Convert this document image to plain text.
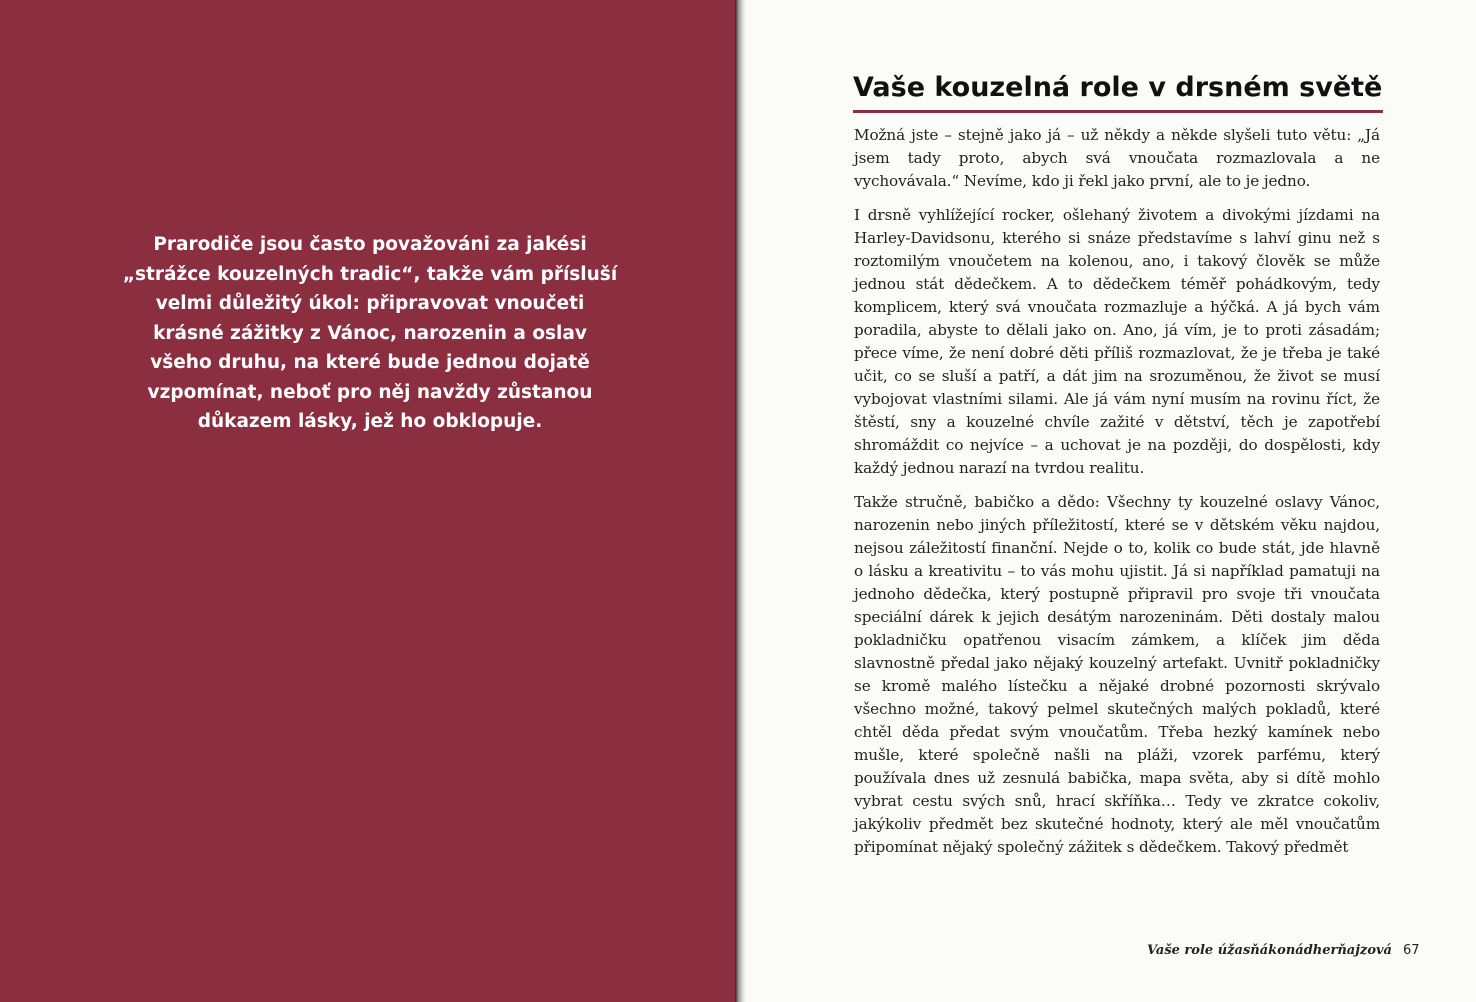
Prarodiče jsou často považováni za jakési „strážce kouzelných tradic“, takže vám přísluší velmi důležitý úkol: připravovat vnoučeti krásné zážitky z Vánoc, narozenin a oslav všeho druhu, na které bude jednou dojatě vzpomínat, neboť pro něj navždy zůstanou důkazem lásky, jež ho obklopuje.

Vaše kouzelná role v drsném světě

Možná jste – stejně jako já – už někdy a někde slyšeli tuto větu: „Já jsem tady proto, abych svá vnoučata rozmazlovala a ne vychovávala.“ Nevíme, kdo ji řekl jako první, ale to je jedno.

I drsně vyhlížející rocker, ošlehaný životem a divokými jízdami na Harley-Davidsonu, kterého si snáze představíme s lahví ginu než s roztomilým vnoučetem na kolenou, ano, i takový člověk se může jednou stát dědečkem. A to dědečkem téměř pohádkovým, tedy komplicem, který svá vnoučata rozmazluje a hýčká. A já bych vám poradila, abyste to dělali jako on. Ano, já vím, je to proti zásadám; přece víme, že není dobré děti příliš rozmazlovat, že je třeba je také učit, co se sluší a patří, a dát jim na srozuměnou, že život se musí vybojovat vlastními silami. Ale já vám nyní musím na rovinu říct, že štěstí, sny a kouzelné chvíle zažité v dětství, těch je zapotřebí shromáždit co nejvíce – a uchovat je na později, do dospělosti, kdy každý jednou narazí na tvrdou realitu.

Takže stručně, babičko a dědo: Všechny ty kouzelné oslavy Vánoc, narozenin nebo jiných příležitostí, které se v dětském věku najdou, nejsou záležitostí finanční. Nejde o to, kolik co bude stát, jde hlavně o lásku a kreativitu – to vás mohu ujistit. Já si například pamatuji na jednoho dědečka, který postupně připravil pro svoje tři vnoučata speciální dárek k jejich desátým narozeninám. Děti dostaly malou pokladničku opatřenou visacím zámkem, a klíček jim děda slavnostně předal jako nějaký kouzelný artefakt. Uvnitř pokladničky se kromě malého lístečku a nějaké drobné pozornosti skrývalo všechno možné, takový pelmel skutečných malých pokladů, které chtěl děda předat svým vnoučatům. Třeba hezký kamínek nebo mušle, které společně našli na pláži, vzorek parfému, který používala dnes už zesnulá babička, mapa světa, aby si dítě mohlo vybrat cestu svých snů, hrací skříňka… Tedy ve zkratce cokoliv, jakýkoliv předmět bez skutečné hodnoty, který ale měl vnoučatům připomínat nějaký společný zážitek s dědečkem. Takový předmět

Vaše role úžasňákonádherňajzová 67
